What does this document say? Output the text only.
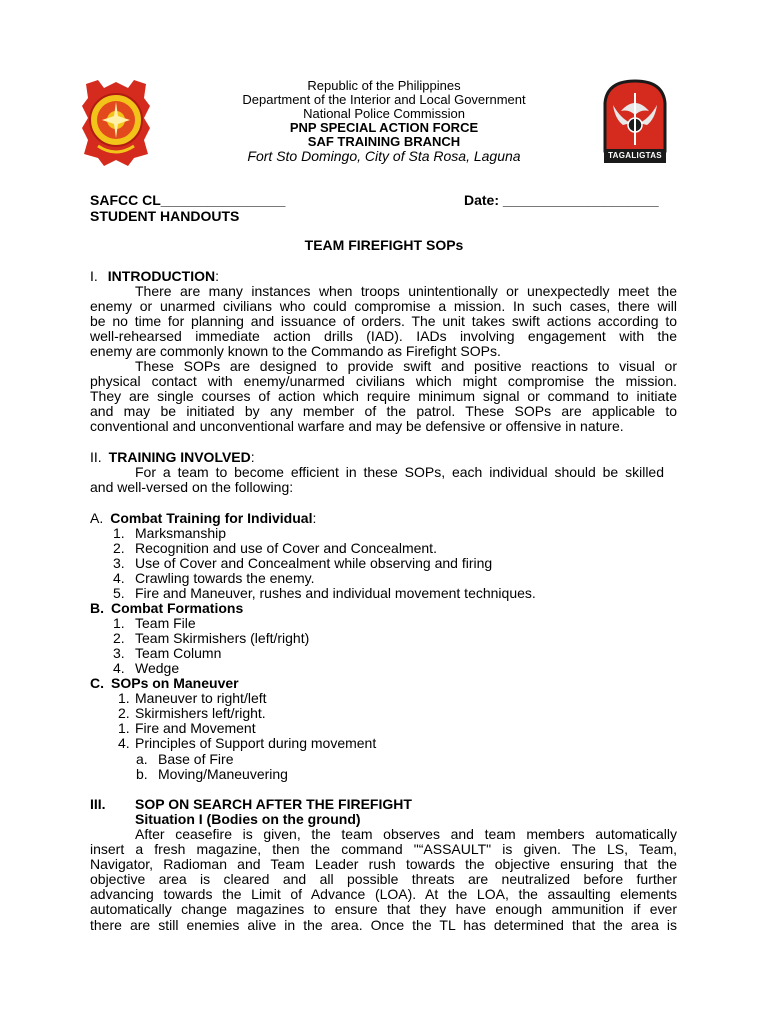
TAGALIGTAS
Republic of the Philippines
Department of the Interior and Local Government
National Police Commission
PNP SPECIAL ACTION FORCE
SAF TRAINING BRANCH
Fort Sto Domingo, City of Sta Rosa, Laguna
SAFCC CL________________	Date: ____________________
STUDENT HANDOUTS
TEAM FIREFIGHT SOPs
I. INTRODUCTION:
There are many instances when troops unintentionally or unexpectedly meet the
enemy or unarmed civilians who could compromise a mission. In such cases, there will
be no time for planning and issuance of orders. The unit takes swift actions according to
well-rehearsed immediate action drills (IAD). IADs involving engagement with the
enemy are commonly known to the Commando as Firefight SOPs.
These SOPs are designed to provide swift and positive reactions to visual or
physical contact with enemy/unarmed civilians which might compromise the mission.
They are single courses of action which require minimum signal or command to initiate
and may be initiated by any member of the patrol. These SOPs are applicable to
conventional and unconventional warfare and may be defensive or offensive in nature.
II. TRAINING INVOLVED:
For a team to become efficient in these SOPs, each individual should be skilled
and well-versed on the following:
A. Combat Training for Individual:
1. Marksmanship
2. Recognition and use of Cover and Concealment.
3. Use of Cover and Concealment while observing and firing
4. Crawling towards the enemy.
5. Fire and Maneuver, rushes and individual movement techniques.
B. Combat Formations
1. Team File
2. Team Skirmishers (left/right)
3. Team Column
4. Wedge
C. SOPs on Maneuver
1. Maneuver to right/left
2. Skirmishers left/right.
1. Fire and Movement
4. Principles of Support during movement
a. Base of Fire
b. Moving/Maneuvering
III. SOP ON SEARCH AFTER THE FIREFIGHT
Situation I (Bodies on the ground)
After ceasefire is given, the team observes and team members automatically
insert a fresh magazine, then the command "“ASSAULT" is given. The LS, Team,
Navigator, Radioman and Team Leader rush towards the objective ensuring that the
objective area is cleared and all possible threats are neutralized before further
advancing towards the Limit of Advance (LOA). At the LOA, the assaulting elements
automatically change magazines to ensure that they have enough ammunition if ever
there are still enemies alive in the area. Once the TL has determined that the area is
